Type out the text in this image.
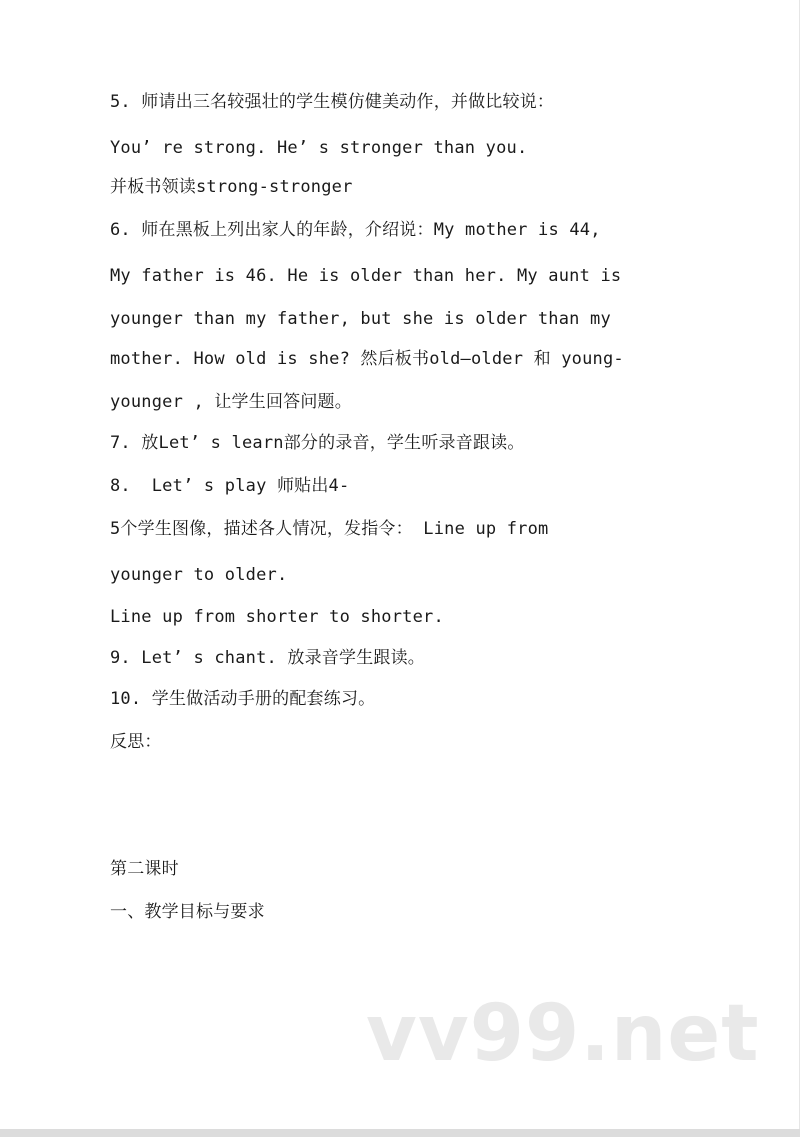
5. 师请出三名较强壮的学生模仿健美动作，并做比较说：
You’ re strong. He’ s stronger than you.
并板书领读strong-stronger
6. 师在黑板上列出家人的年龄，介绍说：My mother is 44,
My father is 46. He is older than her. My aunt is
younger than my father, but she is older than my
mother. How old is she? 然后板书old—older 和 young-
younger , 让学生回答问题。
7. 放Let’ s learn部分的录音，学生听录音跟读。
8.  Let’ s play 师贴出4-
5个学生图像，描述各人情况，发指令： Line up from
younger to older.
Line up from shorter to shorter.
9. Let’ s chant. 放录音学生跟读。
10. 学生做活动手册的配套练习。
反思：
第二课时
一、教学目标与要求
vv99.net
